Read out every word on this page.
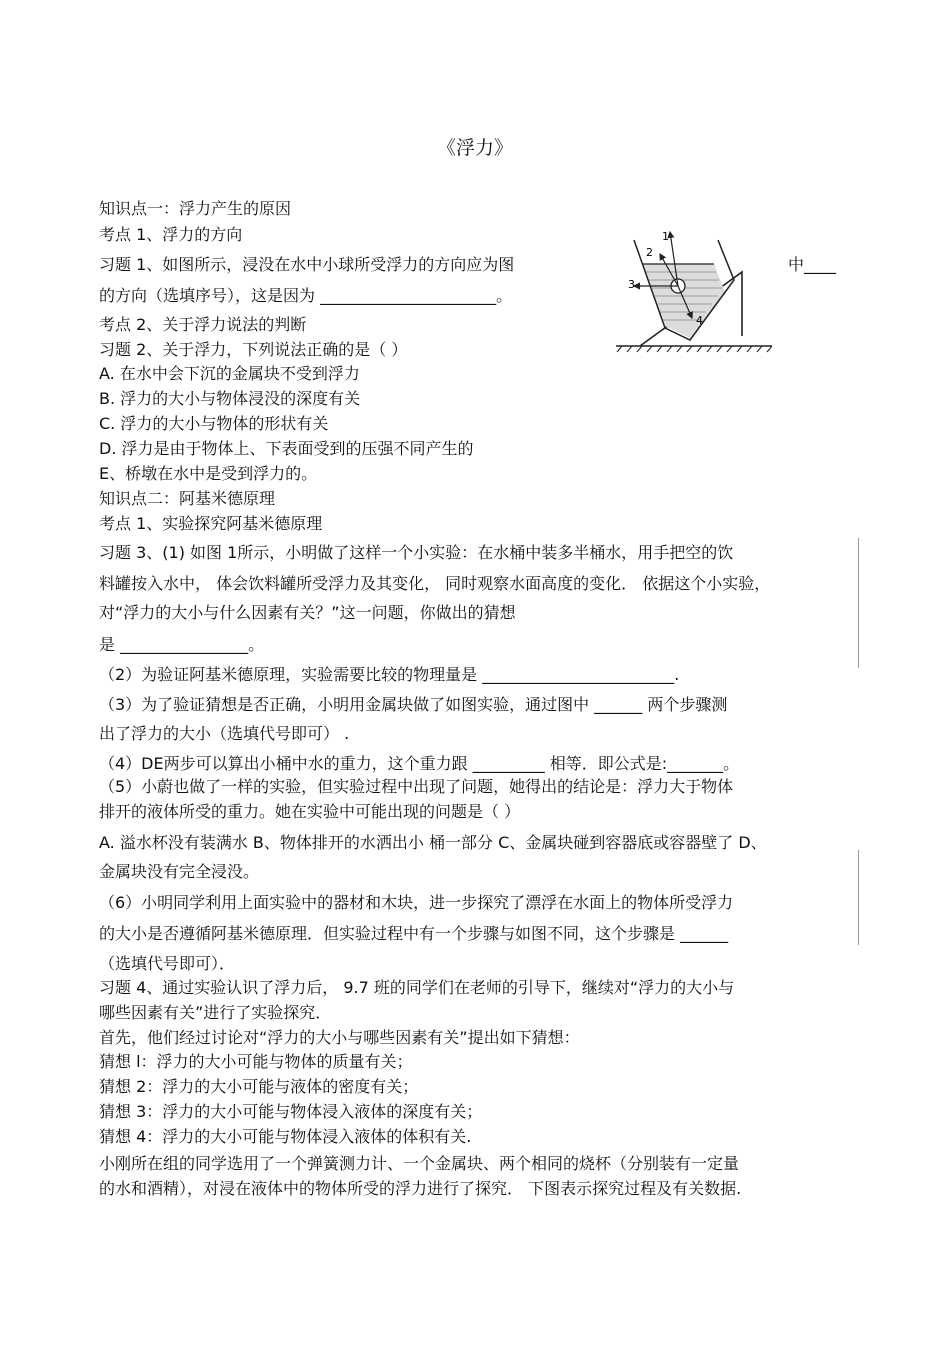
《浮力》
知识点一：浮力产生的原因
考点 1、浮力的方向
习题 1、如图所示，浸没在水中小球所受浮力的方向应为图	中____
的方向（选填序号），这是因为 ______________________。
考点 2、关于浮力说法的判断
习题 2、关于浮力，下列说法正确的是（ ）
A. 在水中会下沉的金属块不受到浮力
B. 浮力的大小与物体浸没的深度有关
C. 浮力的大小与物体的形状有关
D. 浮力是由于物体上、下表面受到的压强不同产生的
E、桥墩在水中是受到浮力的。
知识点二：阿基米德原理
考点 1、实验探究阿基米德原理
习题 3、(1) 如图 1所示，小明做了这样一个小实验：在水桶中装多半桶水，用手把空的饮
料罐按入水中， 体会饮料罐所受浮力及其变化， 同时观察水面高度的变化． 依据这个小实验，
对“浮力的大小与什么因素有关？”这一问题，你做出的猜想
是 ________________。
（2）为验证阿基米德原理，实验需要比较的物理量是 ________________________.
（3）为了验证猜想是否正确，小明用金属块做了如图实验，通过图中 ______ 两个步骤测
出了浮力的大小（选填代号即可） .
（4）DE两步可以算出小桶中水的重力，这个重力跟 _________ 相等．即公式是:_______。
（5）小蔚也做了一样的实验，但实验过程中出现了问题，她得出的结论是：浮力大于物体
排开的液体所受的重力。她在实验中可能出现的问题是（ ）
A. 溢水杯没有装满水 B、物体排开的水洒出小 桶一部分 C、金属块碰到容器底或容器壁了 D、
金属块没有完全浸没。
（6）小明同学利用上面实验中的器材和木块，进一步探究了漂浮在水面上的物体所受浮力
的大小是否遵循阿基米德原理．但实验过程中有一个步骤与如图不同，这个步骤是 ______
（选填代号即可）．
习题 4、通过实验认识了浮力后， 9.7 班的同学们在老师的引导下，继续对“浮力的大小与
哪些因素有关”进行了实验探究．
首先，他们经过讨论对“浮力的大小与哪些因素有关”提出如下猜想：
猜想 l：浮力的大小可能与物体的质量有关；
猜想 2：浮力的大小可能与液体的密度有关；
猜想 3：浮力的大小可能与物体浸入液体的深度有关；
猜想 4：浮力的大小可能与物体浸入液体的体积有关.
小刚所在组的同学选用了一个弹簧测力计、一个金属块、两个相同的烧杯（分别装有一定量
的水和酒精），对浸在液体中的物体所受的浮力进行了探究． 下图表示探究过程及有关数据.
1
2
3
4
